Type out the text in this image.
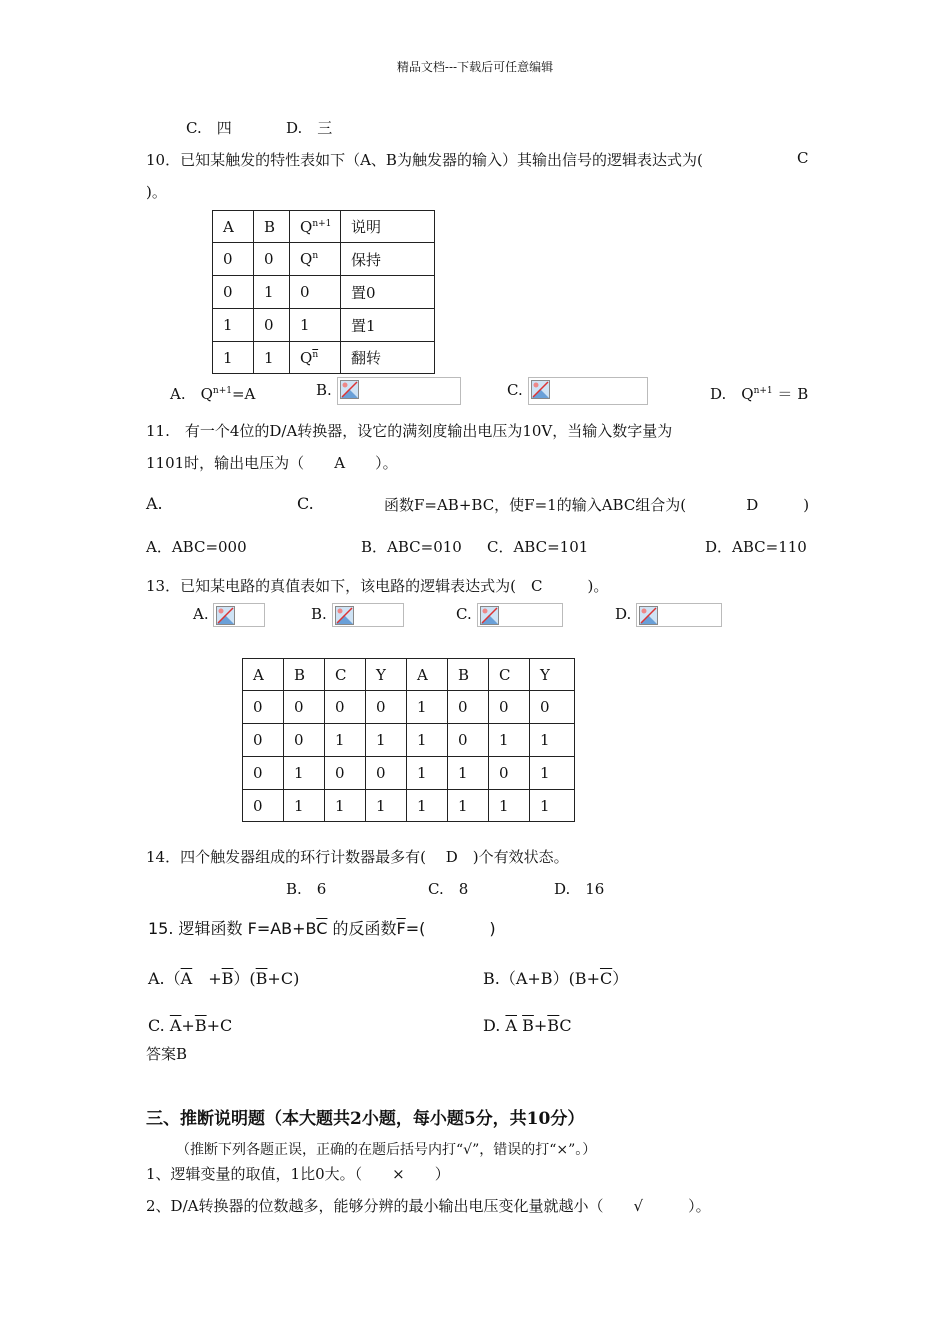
精品文档---下载后可任意编辑
C.　四	D.　三
10．已知某触发的特性表如下（A、B为触发器的输入）其输出信号的逻辑表达式为(	C
)。
A	B	$Q^{n+1}$	说明
0	0	$Q^n$	保持
0	1	0	置0
1	0	1	置1
1	1	$Q^{\overline{n}}$	翻转
A.　$Q^{n+1}=A$	B.	C.	D.　$Q^{n+1} = B$
11.　有一个4位的D/A转换器，设它的满刻度输出电压为10V，当输入数字量为
1101时，输出电压为（　　 A　　 ）。
A.	C.	函数F=AB+BC，使F=1的输入ABC组合为(　　　　	D　　　	)
A．ABC=000	B．ABC=010 C．ABC=101	D．ABC=110
13．已知某电路的真值表如下，该电路的逻辑表达式为(　 C　　　	)。
A.	B.	C.	D.
A	B	C	Y	A	B	C	Y
0	0	0	0	1	0	0	0
0	0	1	1	1	0	1	1
0	1	0	0	1	1	0	1
0	1	1	1	1	1	1	1
14．四个触发器组成的环行计数器最多有(　 D　 )个有效状态。
B.　6	C.　8	D.　16
15. 逻辑函数 $F=AB+B\overline{C}$ 的反函数$\overline{F}=$(　　　　)
$A.(\overline{A}$　 $+\overline{B})(\overline{B}+C)$	$B.(A+B)(B+\overline{C})$
C. $\overline{A}+\overline{B}+C$	D. $\overline{A}$ $\overline{B}+\overline{B}C$
答案B
三、推断说明题（本大题共2小题，每小题5分，共10分）
（推断下列各题正误，正确的在题后括号内打“√”，错误的打“×”。）
1、逻辑变量的取值，1比0大。（　　 ×　　 ）
2、D/A转换器的位数越多，能够分辨的最小输出电压变化量就越小（　　 √　　　	）。
